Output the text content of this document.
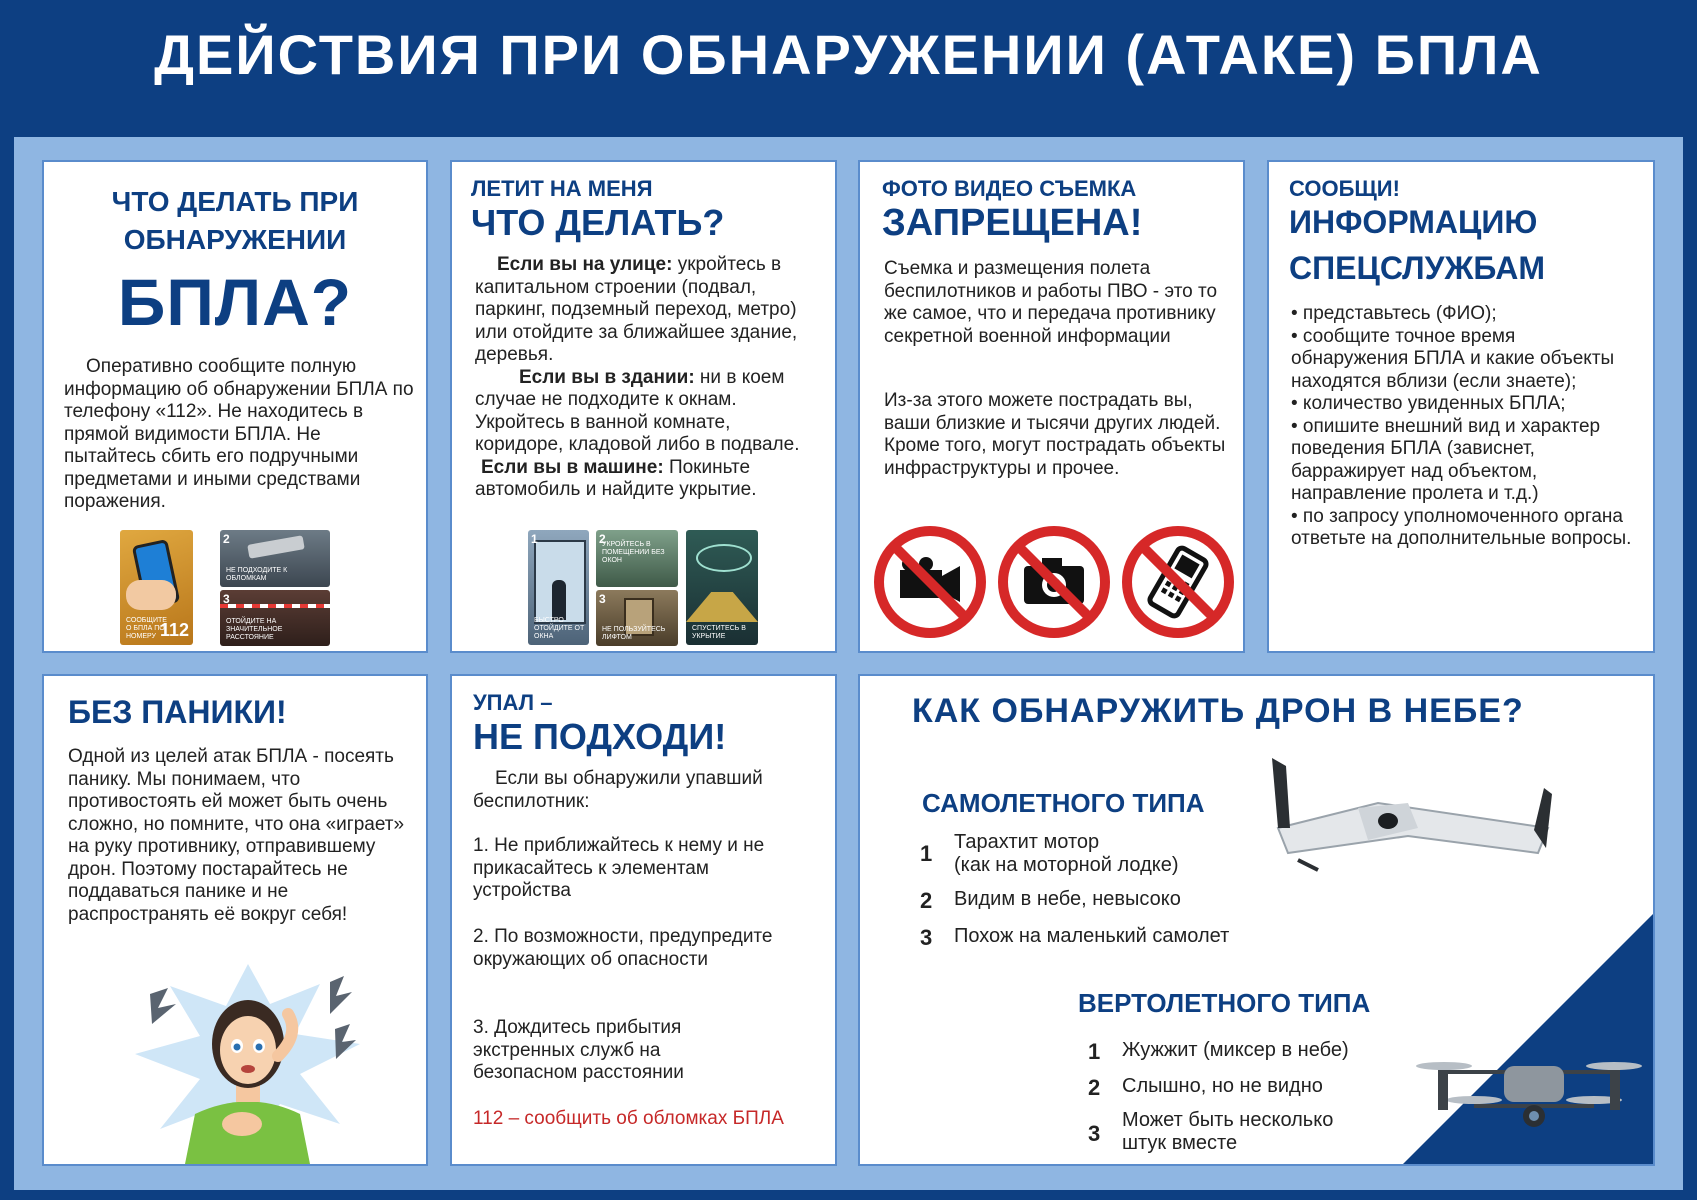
ДЕЙСТВИЯ ПРИ ОБНАРУЖЕНИИ (АТАКЕ) БПЛА
ЧТО ДЕЛАТЬ ПРИ
ОБНАРУЖЕНИИ
БПЛА?
Оперативно сообщите полную информацию об обнаружении БПЛА по телефону «112». Не находитесь в прямой видимости БПЛА. Не пытайтесь сбить его подручными предметами и иными средствами поражения.
СООБЩИТЕ О БПЛА ПО НОМЕРУ 112
2
НЕ ПОДХОДИТЕ К ОБЛОМКАМ
3
ОТОЙДИТЕ НА ЗНАЧИТЕЛЬНОЕ РАССТОЯНИЕ
ЛЕТИТ НА МЕНЯ
ЧТО ДЕЛАТЬ?
Если вы на улице: укройтесь в капитальном строении (подвал, паркинг, подземный переход, метро) или отойдите за ближайшее здание, деревья.
Если вы в здании: ни в коем случае не подходите к окнам. Укройтесь в ванной комнате, коридоре, кладовой либо в подвале.
Если вы в машине: Покиньте автомобиль и найдите укрытие.
1
БЫСТРО ОТОЙДИТЕ ОТ ОКНА
2
УКРОЙТЕСЬ В ПОМЕЩЕНИИ БЕЗ ОКОН
3
НЕ ПОЛЬЗУЙТЕСЬ ЛИФТОМ
СПУСТИТЕСЬ В УКРЫТИЕ
ФОТО ВИДЕО СЪЕМКА
ЗАПРЕЩЕНА!
Съемка и размещения полета беспилотников и работы ПВО - это то же самое, что и передача противнику секретной военной информации
Из-за этого можете пострадать вы, ваши близкие и тысячи других людей. Кроме того, могут пострадать объекты инфраструктуры и прочее.
СООБЩИ!
ИНФОРМАЦИЮ
СПЕЦСЛУЖБАМ
• представьтесь (ФИО);
• сообщите точное время обнаружения БПЛА и какие объекты находятся вблизи (если знаете);
• количество увиденных БПЛА;
• опишите внешний вид и характер поведения БПЛА (зависнет, барражирует над объектом, направление пролета и т.д.)
• по запросу уполномоченного органа ответьте на дополнительные вопросы.
БЕЗ ПАНИКИ!
Одной из целей атак БПЛА - посеять панику. Мы понимаем, что противостоять ей может быть очень сложно, но помните, что она «играет» на руку противнику, отправившему дрон. Поэтому постарайтесь не поддаваться панике и не распространять её вокруг себя!
УПАЛ –
НЕ ПОДХОДИ!
Если вы обнаружили упавший беспилотник:
1. Не приближайтесь к нему и не прикасайтесь к элементам устройства
2. По возможности, предупредите окружающих об опасности
3. Дождитесь прибытия экстренных служб на безопасном расстоянии
112 – сообщить об обломках БПЛА
КАК ОБНАРУЖИТЬ ДРОН В НЕБЕ?
САМОЛЕТНОГО ТИПА
1 Тарахтит мотор
(как на моторной лодке)
2 Видим в небе, невысоко
3 Похож на маленький самолет
ВЕРТОЛЕТНОГО ТИПА
1 Жужжит (миксер в небе)
2 Слышно, но не видно
3
Может быть несколько
штук вместе
